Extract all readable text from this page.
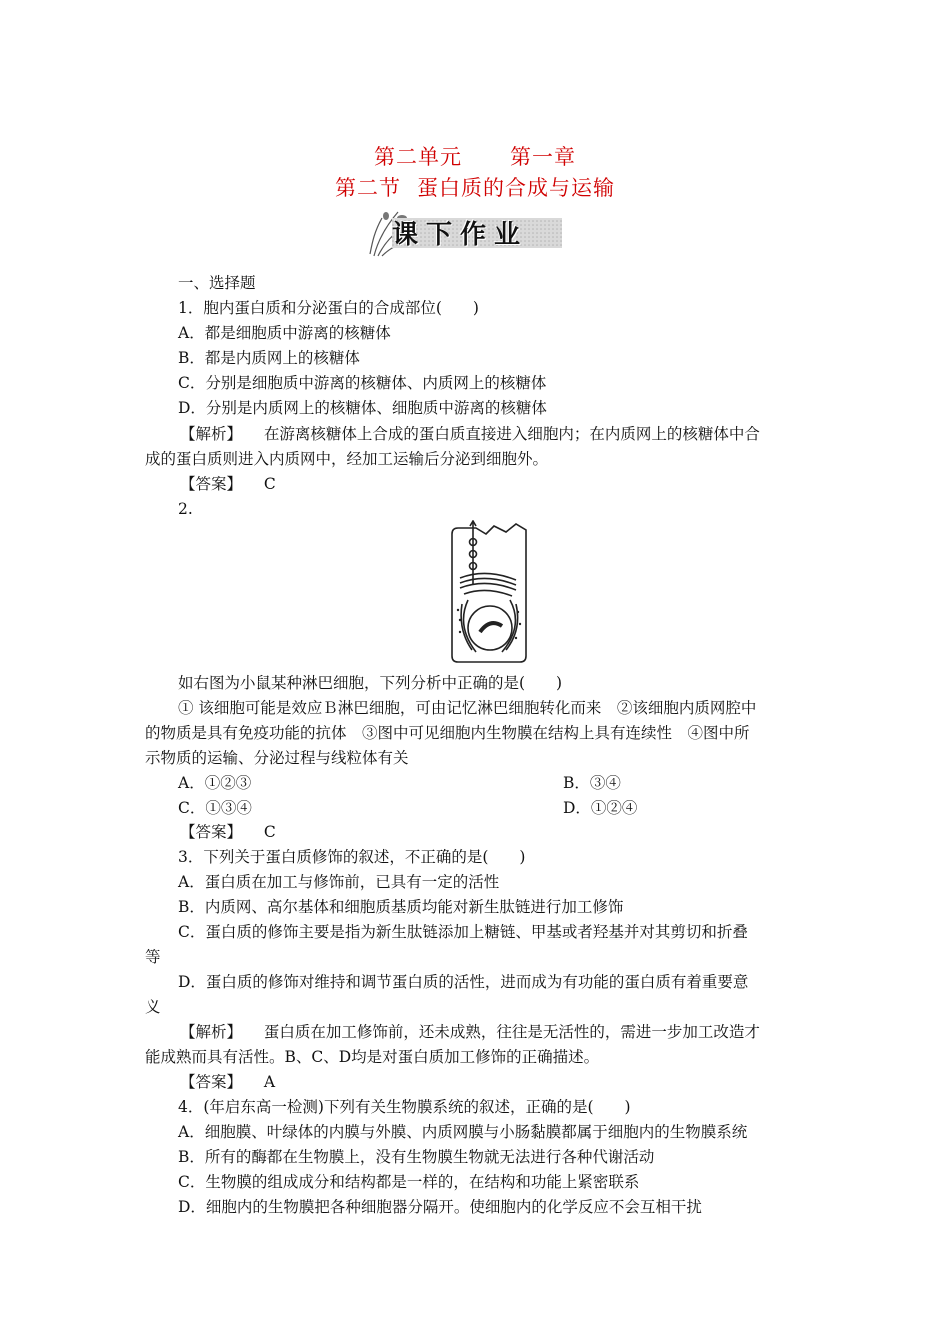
第二单元 第一章
第二节 蛋白质的合成与运输
课下作业
一、选择题
1．胞内蛋白质和分泌蛋白的合成部位(　　)
A．都是细胞质中游离的核糖体
B．都是内质网上的核糖体
C．分别是细胞质中游离的核糖体、内质网上的核糖体
D．分别是内质网上的核糖体、细胞质中游离的核糖体
【解析】 在游离核糖体上合成的蛋白质直接进入细胞内；在内质网上的核糖体中合
成的蛋白质则进入内质网中，经加工运输后分泌到细胞外。
【答案】 C
2.
如右图为小鼠某种淋巴细胞，下列分析中正确的是(　　)
① 该细胞可能是效应Ｂ淋巴细胞，可由记忆淋巴细胞转化而来　②该细胞内质网腔中
的物质是具有免疫功能的抗体　③图中可见细胞内生物膜在结构上具有连续性　④图中所
示物质的运输、分泌过程与线粒体有关
A．①②③	B．③④
C．①③④	D．①②④
【答案】 C
3．下列关于蛋白质修饰的叙述，不正确的是(　　)
A．蛋白质在加工与修饰前，已具有一定的活性
B．内质网、高尔基体和细胞质基质均能对新生肽链进行加工修饰
C．蛋白质的修饰主要是指为新生肽链添加上糖链、甲基或者羟基并对其剪切和折叠
等
D．蛋白质的修饰对维持和调节蛋白质的活性，进而成为有功能的蛋白质有着重要意
义
【解析】 蛋白质在加工修饰前，还未成熟，往往是无活性的，需进一步加工改造才
能成熟而具有活性。B、C、D均是对蛋白质加工修饰的正确描述。
【答案】 A
4．(年启东高一检测)下列有关生物膜系统的叙述，正确的是(　　)
A．细胞膜、叶绿体的内膜与外膜、内质网膜与小肠黏膜都属于细胞内的生物膜系统
B．所有的酶都在生物膜上，没有生物膜生物就无法进行各种代谢活动
C．生物膜的组成成分和结构都是一样的，在结构和功能上紧密联系
D．细胞内的生物膜把各种细胞器分隔开。使细胞内的化学反应不会互相干扰
